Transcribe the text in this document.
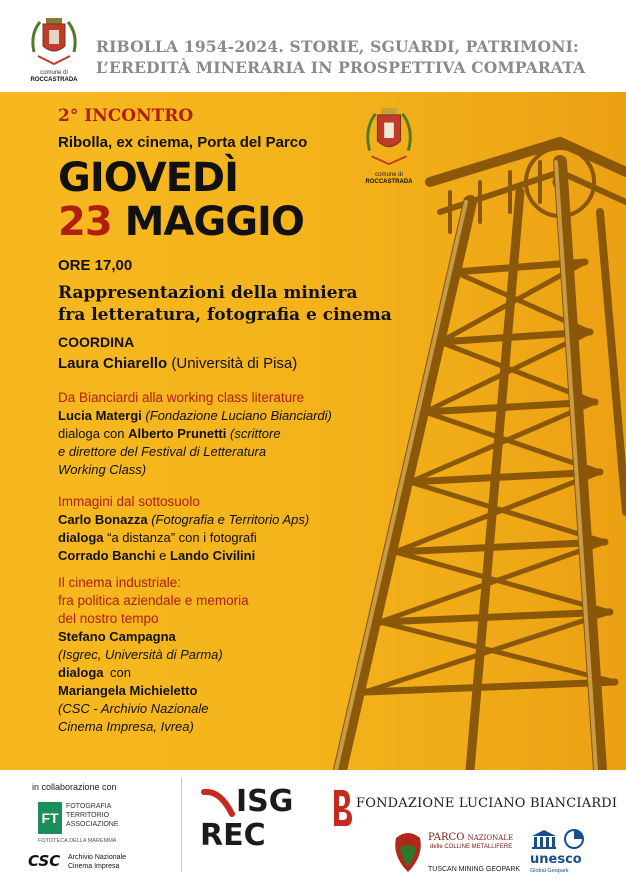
comune di
ROCCASTRADA
RIBOLLA 1954-2024. STORIE, SGUARDI, PATRIMONI:
L’EREDITÀ MINERARIA IN PROSPETTIVA COMPARATA
comune di
ROCCASTRADA
2° INCONTRO
Ribolla, ex cinema, Porta del Parco
GIOVEDÌ
23 MAGGIO
ORE 17,00
Rappresentazioni della miniera
fra letteratura, fotografia e cinema
COORDINA
Laura Chiarello (Università di Pisa)
Da Bianciardi alla working class literature
Lucia Matergi (Fondazione Luciano Bianciardi)
dialoga con Alberto Prunetti (scrittore
e direttore del Festival di Letteratura
Working Class)
Immagini dal sottosuolo
Carlo Bonazza (Fotografia e Territorio Aps)
dialoga “a distanza” con i fotografi
Corrado Banchi e Lando Civilini
Il cinema industriale:
fra politica aziendale e memoria
del nostro tempo
Stefano Campagna
(Isgrec, Università di Parma)
dialoga con
Mariangela Michieletto
(CSC - Archivio Nazionale
Cinema Impresa, Ivrea)
in collaborazione con
FT
FOTOGRAFIA
TERRITORIO
ASSOCIAZIONE
FOTOTECA DELLA MAREMMA
CSC Archivio Nazionale
Cinema Impresa
ISG
REC
FONDAZIONE LUCIANO BIANCIARDI
PARCO NAZIONALE
delle COLLINE METALLIFERE
TUSCAN MINING GEOPARK
unesco
Global Geopark
